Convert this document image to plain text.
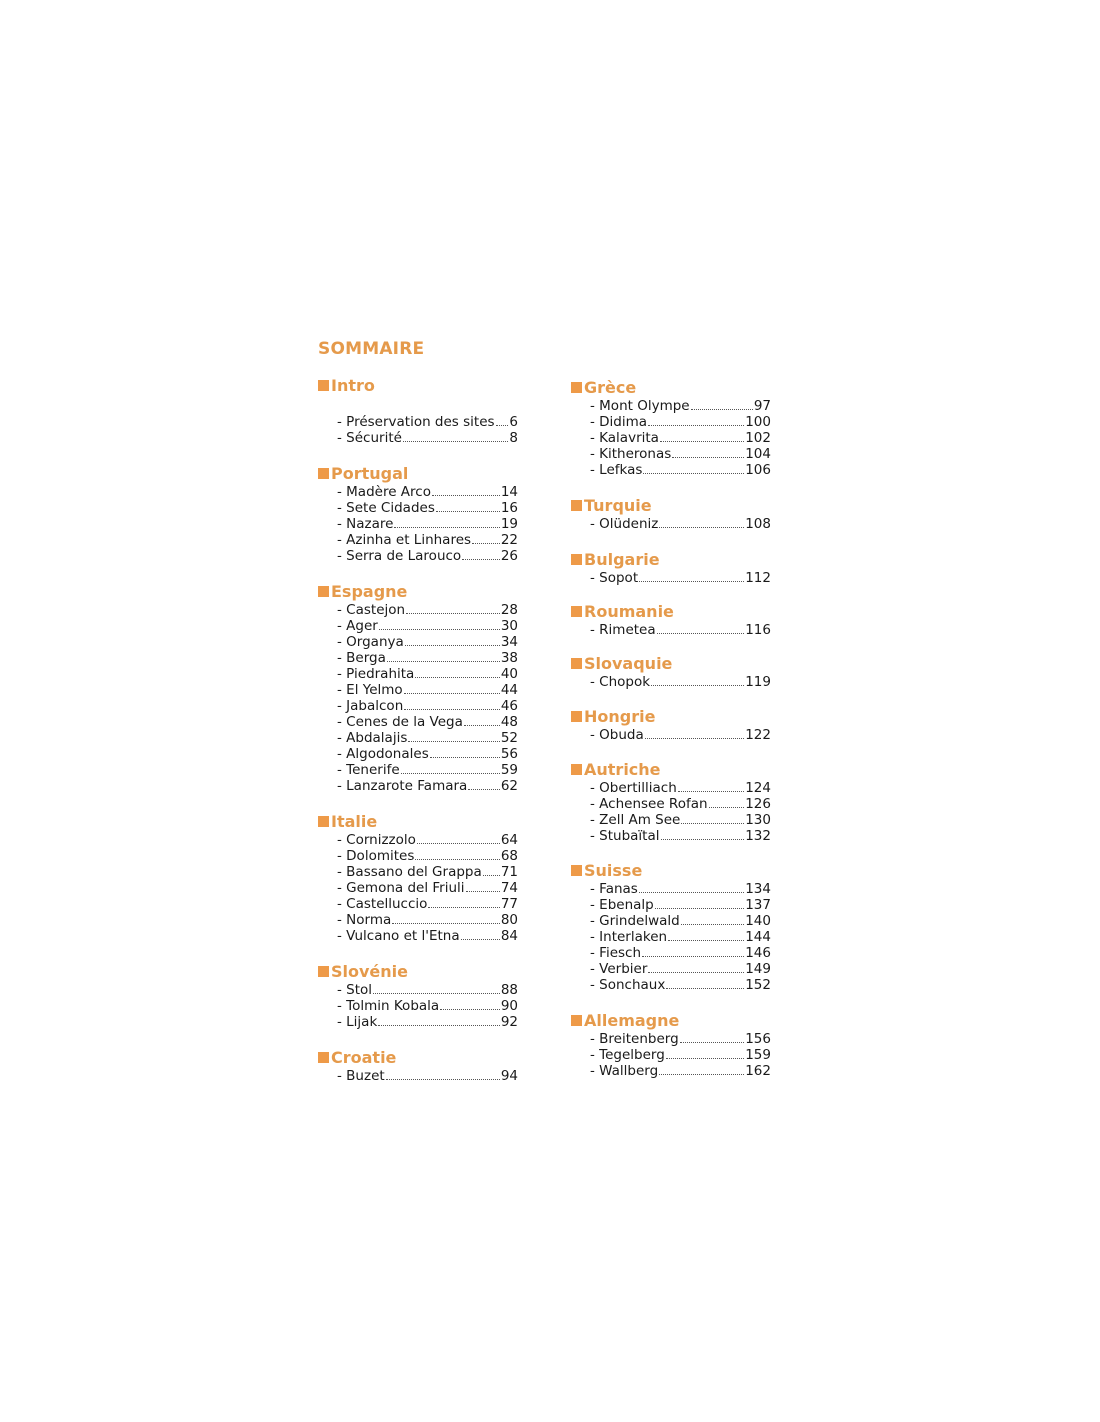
SOMMAIRE
Intro
- Préservation des sites 6
- Sécurité	8
Portugal
- Madère Arco	14
- Sete Cidades	16
- Nazare	19
- Azinha et Linhares 22
- Serra de Larouco	26
Espagne
- Castejon	28
- Ager	30
- Organya	34
- Berga	38
- Piedrahita	40
- El Yelmo	44
- Jabalcon	46
- Cenes de la Vega	48
- Abdalajis	52
- Algodonales	56
- Tenerife	59
- Lanzarote Famara 62
Italie
- Cornizzolo	64
- Dolomites	68
- Bassano del Grappa 71
- Gemona del Friuli	74
- Castelluccio	77
- Norma	80
- Vulcano et l'Etna	84
Slovénie
- Stol	88
- Tolmin Kobala	90
- Lijak	92
Croatie
- Buzet	94
Grèce
- Mont Olympe	97
- Didima	100
- Kalavrita	102
- Kitheronas	104
- Lefkas	106
Turquie
- Olüdeniz	108
Bulgarie
- Sopot	112
Roumanie
- Rimetea	116
Slovaquie
- Chopok	119
Hongrie
- Obuda	122
Autriche
- Obertilliach	124
- Achensee Rofan	126
- Zell Am See	130
- Stubaïtal	132
Suisse
- Fanas	134
- Ebenalp	137
- Grindelwald	140
- Interlaken	144
- Fiesch	146
- Verbier	149
- Sonchaux	152
Allemagne
- Breitenberg	156
- Tegelberg	159
- Wallberg	162
